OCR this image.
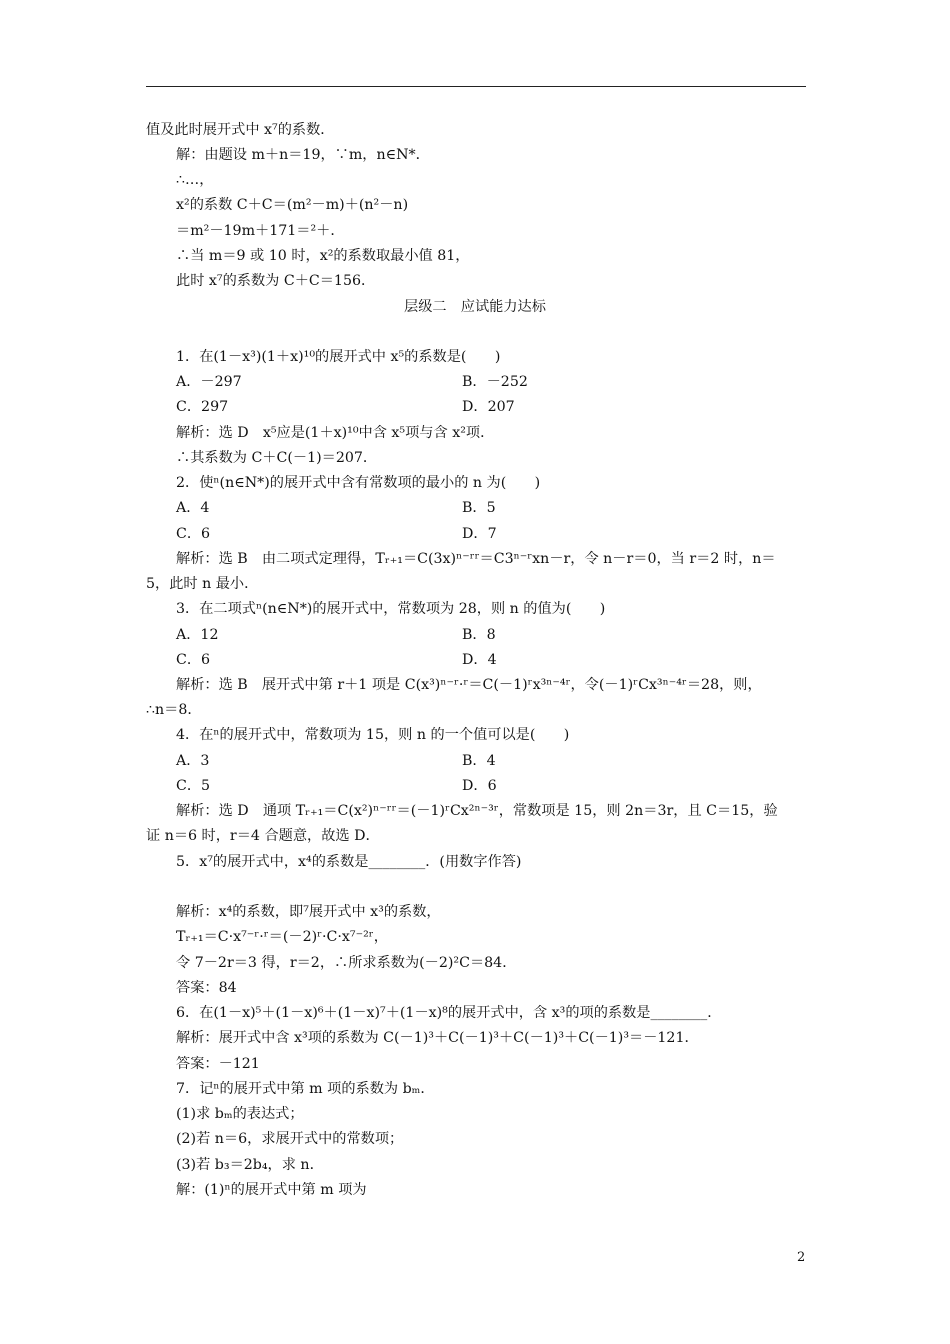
值及此时展开式中 x⁷的系数．
解：由题设 m＋n＝19，∵m，n∈N*．
∴…，
x²的系数 C＋C＝(m²－m)＋(n²－n)
＝m²－19m＋171＝²＋．
∴当 m＝9 或 10 时，x²的系数取最小值 81，
此时 x⁷的系数为 C＋C＝156．
层级二　应试能力达标
1．在(1－x³)(1＋x)¹⁰的展开式中 x⁵的系数是(　　)
A．－297	B．－252
C．297	D．207
解析：选 D　x⁵应是(1＋x)¹⁰中含 x⁵项与含 x²项．
∴其系数为 C＋C(－1)＝207．
2．使ⁿ(n∈N*)的展开式中含有常数项的最小的 n 为(　　)
A．4	B．5
C．6	D．7
解析：选 B　由二项式定理得，Tᵣ₊₁＝C(3x)ⁿ⁻ʳʳ＝C3ⁿ⁻ʳxn－r，令 n－r＝0，当 r＝2 时，n＝
5，此时 n 最小．
3．在二项式ⁿ(n∈N*)的展开式中，常数项为 28，则 n 的值为(　　)
A．12	B．8
C．6	D．4
解析：选 B　展开式中第 r＋1 项是 C(x³)ⁿ⁻ʳ·ʳ＝C(－1)ʳx³ⁿ⁻⁴ʳ，令(－1)ʳCx³ⁿ⁻⁴ʳ＝28，则，
∴n＝8．
4．在ⁿ的展开式中，常数项为 15，则 n 的一个值可以是(　　)
A．3	B．4
C．5	D．6
解析：选 D　通项 Tᵣ₊₁＝C(x²)ⁿ⁻ʳʳ＝(－1)ʳCx²ⁿ⁻³ʳ，常数项是 15，则 2n＝3r，且 C＝15，验
证 n＝6 时，r＝4 合题意，故选 D．
5．x⁷的展开式中，x⁴的系数是________．(用数字作答)
解析：x⁴的系数，即⁷展开式中 x³的系数，
Tᵣ₊₁＝C·x⁷⁻ʳ·ʳ＝(－2)ʳ·C·x⁷⁻²ʳ，
令 7－2r＝3 得，r＝2，∴所求系数为(－2)²C＝84．
答案：84
6．在(1－x)⁵＋(1－x)⁶＋(1－x)⁷＋(1－x)⁸的展开式中，含 x³的项的系数是________．
解析：展开式中含 x³项的系数为 C(－1)³＋C(－1)³＋C(－1)³＋C(－1)³＝－121．
答案：－121
7．记ⁿ的展开式中第 m 项的系数为 bₘ．
(1)求 bₘ的表达式；
(2)若 n＝6，求展开式中的常数项；
(3)若 b₃＝2b₄，求 n．
解：(1)ⁿ的展开式中第 m 项为
2
